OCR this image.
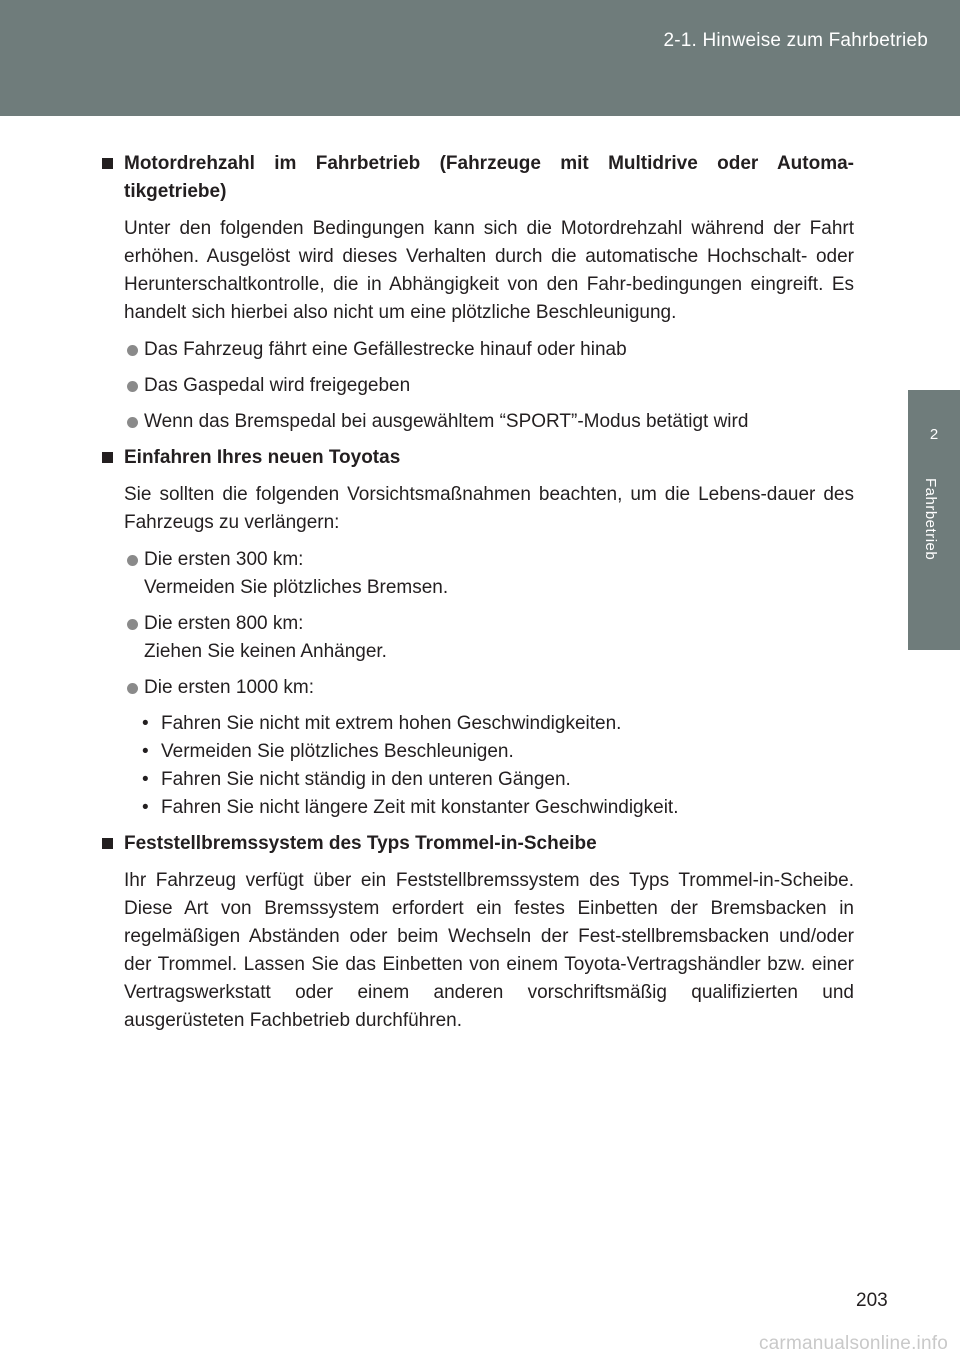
2-1. Hinweise zum Fahrbetrieb
2
Fahrbetrieb
Motordrehzahl im Fahrbetrieb (Fahrzeuge mit Multidrive oder Automa-tikgetriebe)
Unter den folgenden Bedingungen kann sich die Motordrehzahl während der Fahrt erhöhen. Ausgelöst wird dieses Verhalten durch die automatische Hochschalt- oder Herunterschaltkontrolle, die in Abhängigkeit von den Fahr-bedingungen eingreift. Es handelt sich hierbei also nicht um eine plötzliche Beschleunigung.
Das Fahrzeug fährt eine Gefällestrecke hinauf oder hinab
Das Gaspedal wird freigegeben
Wenn das Bremspedal bei ausgewähltem “SPORT”-Modus betätigt wird
Einfahren Ihres neuen Toyotas
Sie sollten die folgenden Vorsichtsmaßnahmen beachten, um die Lebens-dauer des Fahrzeugs zu verlängern:
Die ersten 300 km:
Vermeiden Sie plötzliches Bremsen.
Die ersten 800 km:
Ziehen Sie keinen Anhänger.
Die ersten 1000 km:
• Fahren Sie nicht mit extrem hohen Geschwindigkeiten.
• Vermeiden Sie plötzliches Beschleunigen.
• Fahren Sie nicht ständig in den unteren Gängen.
• Fahren Sie nicht längere Zeit mit konstanter Geschwindigkeit.
Feststellbremssystem des Typs Trommel-in-Scheibe
Ihr Fahrzeug verfügt über ein Feststellbremssystem des Typs Trommel-in-Scheibe. Diese Art von Bremssystem erfordert ein festes Einbetten der Bremsbacken in regelmäßigen Abständen oder beim Wechseln der Fest-stellbremsbacken und/oder der Trommel. Lassen Sie das Einbetten von einem Toyota-Vertragshändler bzw. einer Vertragswerkstatt oder einem anderen vorschriftsmäßig qualifizierten und ausgerüsteten Fachbetrieb durchführen.
203
carmanualsonline.info
